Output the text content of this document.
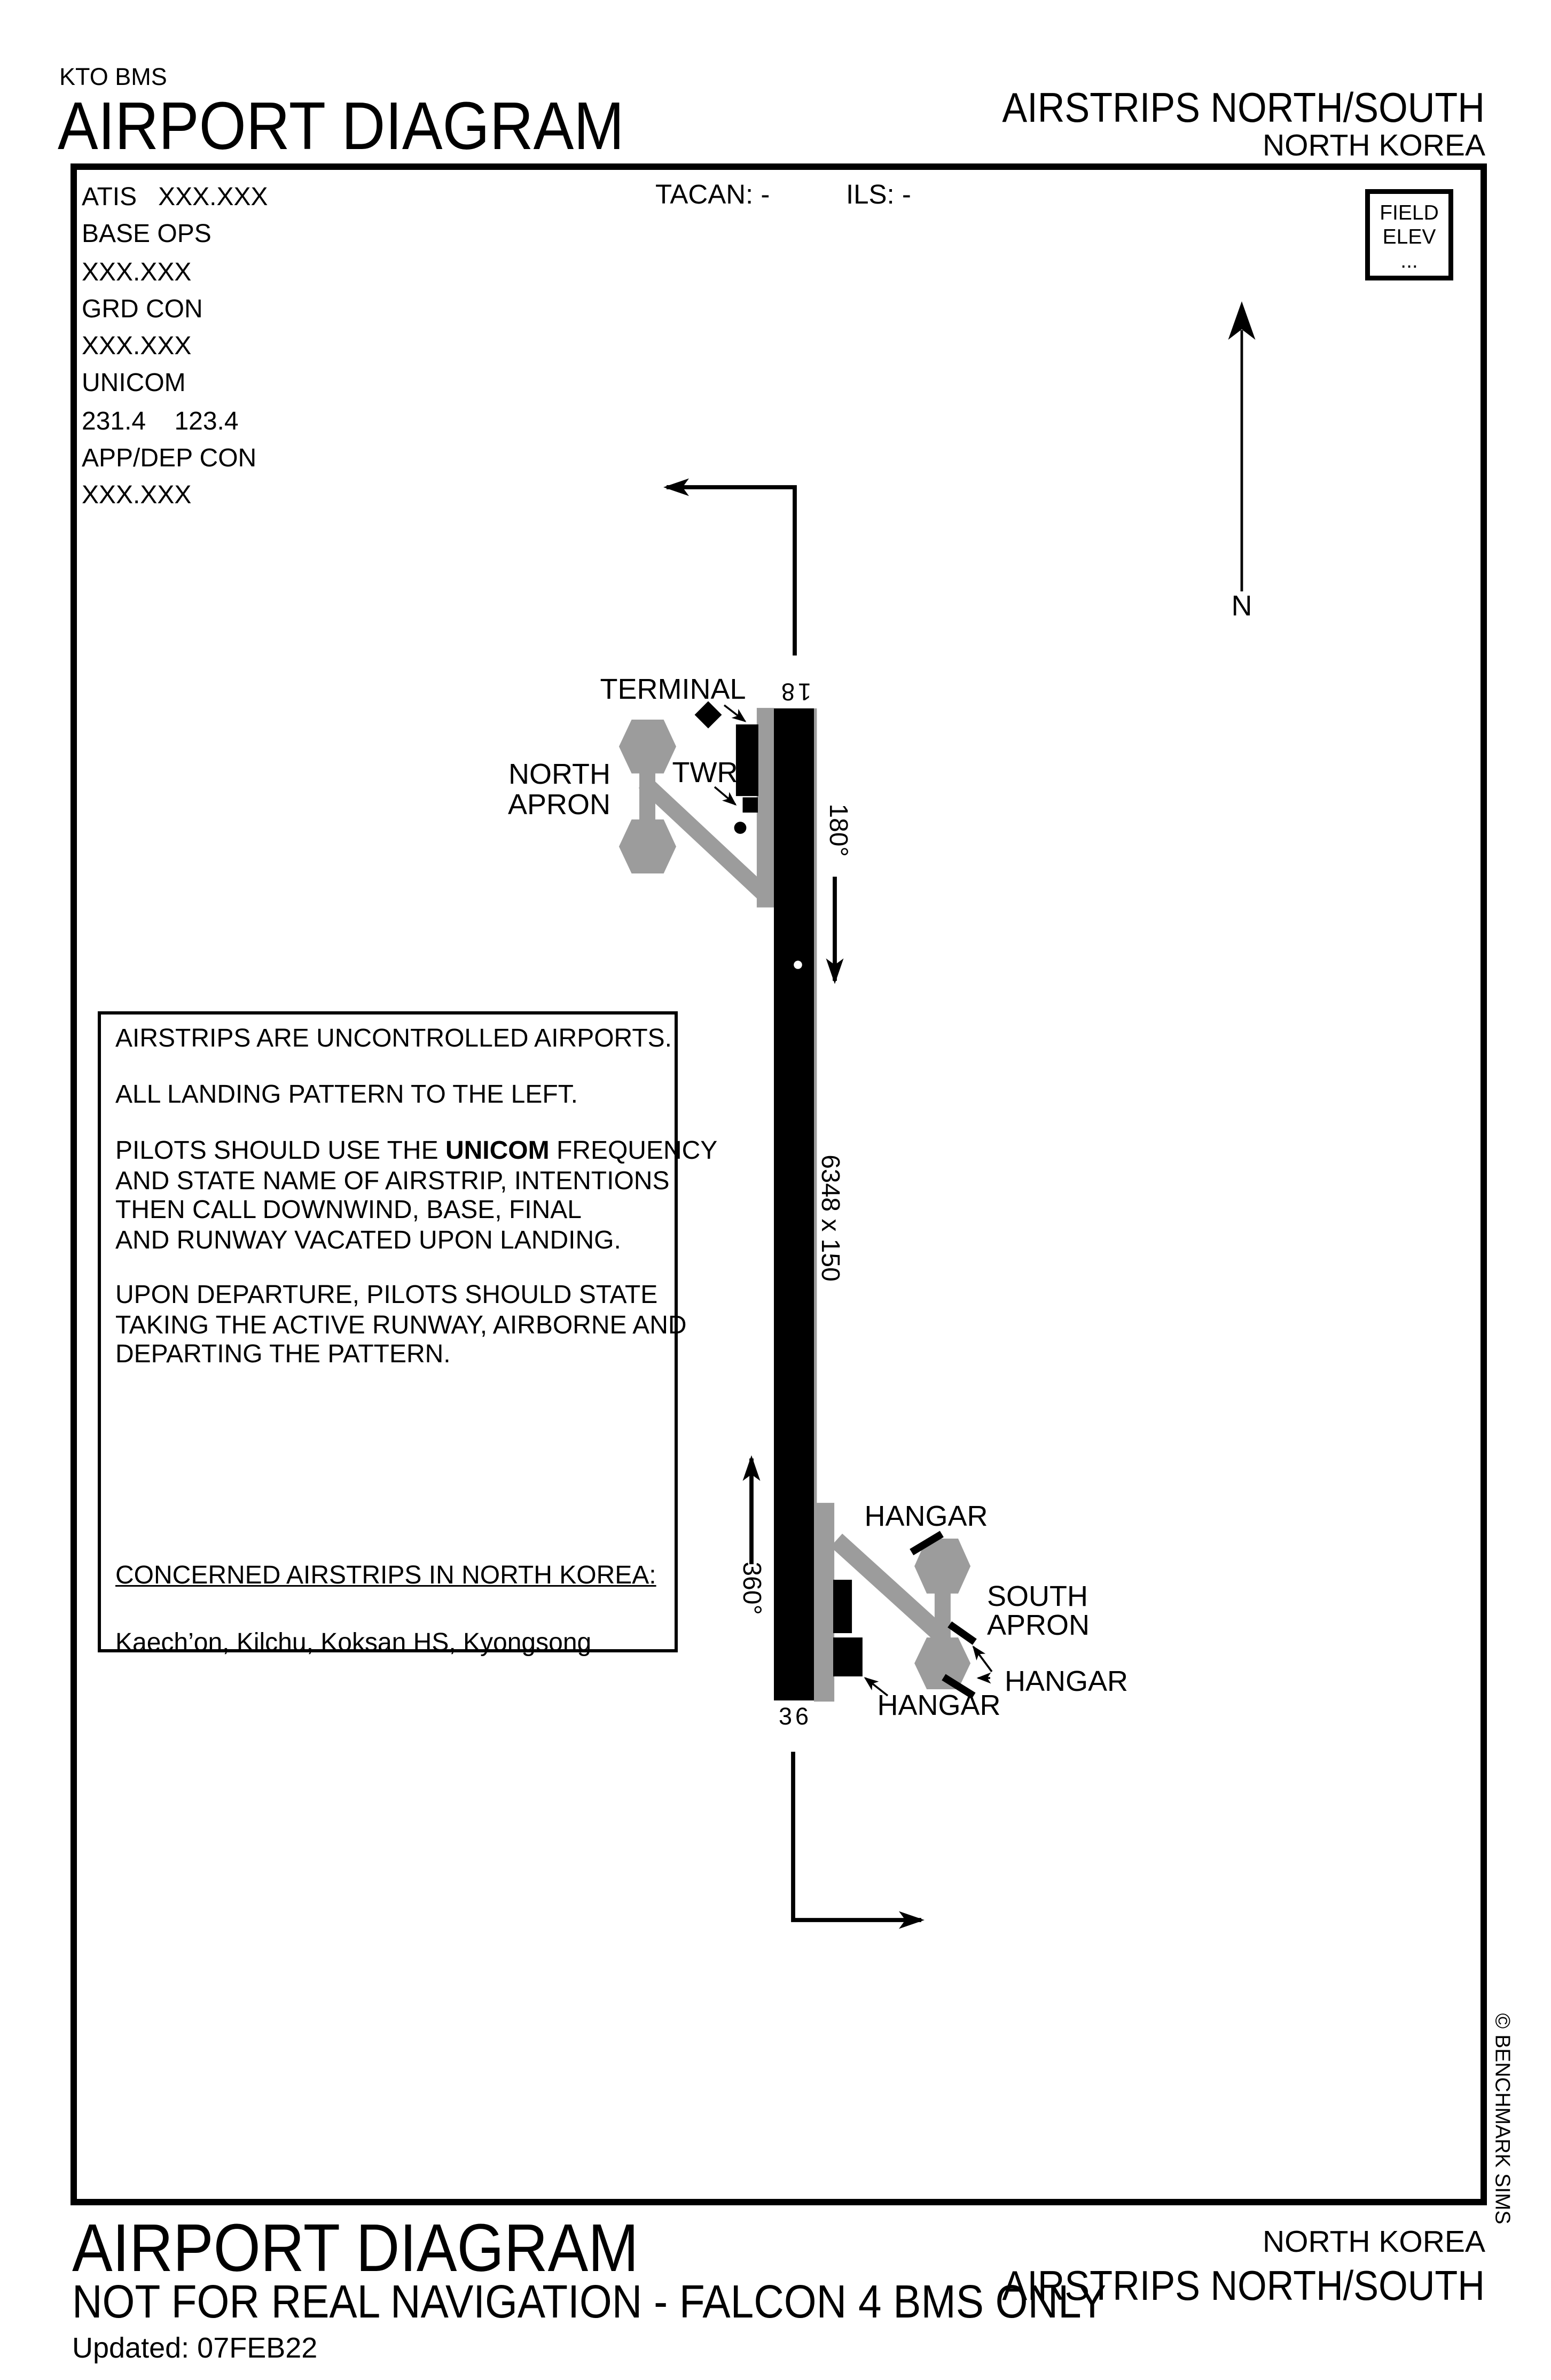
KTO BMS
AIRPORT DIAGRAM	AIRSTRIPS NORTH/SOUTH
NORTH KOREA
ATIS   XXX.XXX
BASE OPS
XXX.XXX
GRD CON
XXX.XXX
UNICOM
231.4    123.4
APP/DEP CON
XXX.XXX
TACAN: -	ILS: -
FIELD
ELEV
...
N
18
36
180°
360°
6348 x 150
TERMINAL
TWR
NORTH
APRON
HANGAR
SOUTH
APRON
HANGAR
HANGAR
AIRSTRIPS ARE UNCONTROLLED AIRPORTS.
ALL LANDING PATTERN TO THE LEFT.
PILOTS SHOULD USE THE UNICOM FREQUENCY
AND STATE NAME OF AIRSTRIP, INTENTIONS
THEN CALL DOWNWIND, BASE, FINAL
AND RUNWAY VACATED UPON LANDING.
UPON DEPARTURE, PILOTS SHOULD STATE
TAKING THE ACTIVE RUNWAY, AIRBORNE AND
DEPARTING THE PATTERN.
CONCERNED AIRSTRIPS IN NORTH KOREA:
Kaech’on, Kilchu, Koksan HS, Kyongsong
© BENCHMARK SIMS
AIRPORT DIAGRAM
NOT FOR REAL NAVIGATION - FALCON 4 BMS ONLY
Updated: 07FEB22
NORTH KOREA
AIRSTRIPS NORTH/SOUTH
